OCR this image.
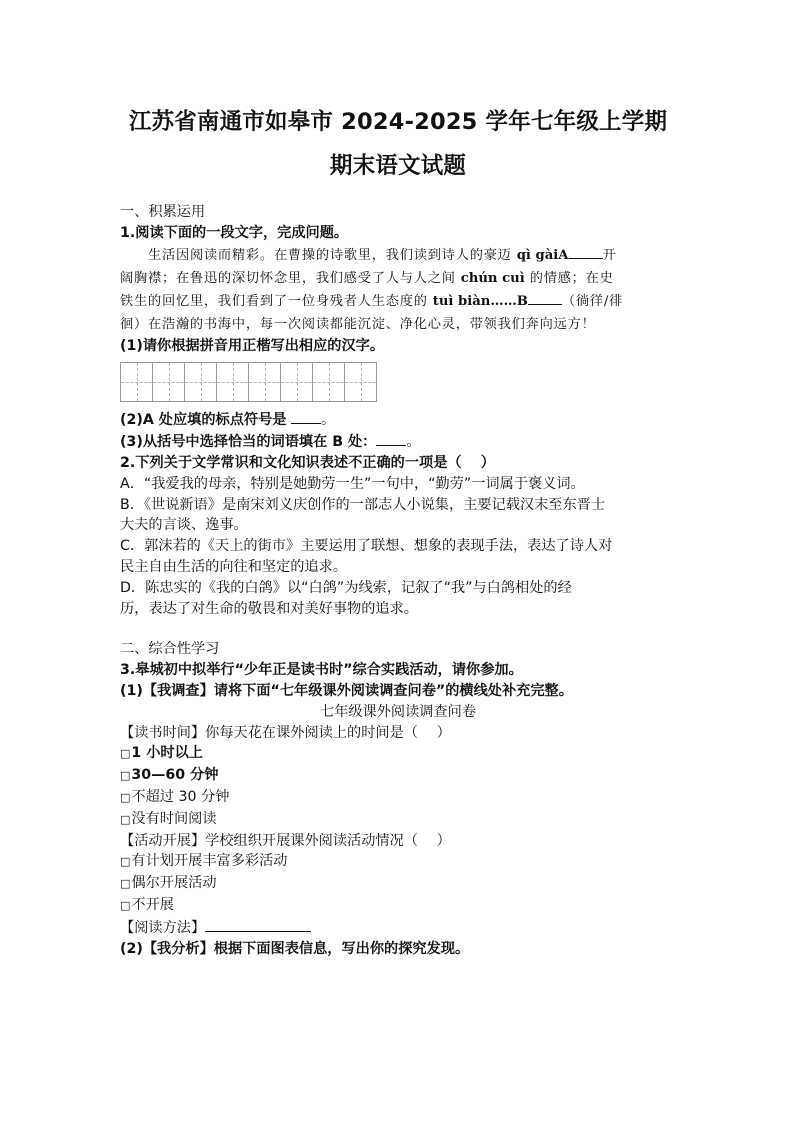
江苏省南通市如皋市 2024-2025 学年七年级上学期
期末语文试题
一、积累运用
1.阅读下面的一段文字，完成问题。
生活因阅读而精彩。在曹操的诗歌里，我们读到诗人的豪迈 qì gàiA	开
阔胸襟；在鲁迅的深切怀念里，我们感受了人与人之间 chún cuì 的情感；在史
铁生的回忆里，我们看到了一位身残者人生态度的 tuì biàn……B	（徜徉/徘
徊）在浩瀚的书海中，每一次阅读都能沉淀、净化心灵，带领我们奔向远方！
(1)请你根据拼音用正楷写出相应的汉字。
(2)A 处应填的标点符号是 。
(3)从括号中选择恰当的词语填在 B 处： 。
2.下列关于文学常识和文化知识表述不正确的一项是（　 ）
A．“我爱我的母亲，特别是她勤劳一生”一句中，“勤劳”一词属于褒义词。
B．《世说新语》是南宋刘义庆创作的一部志人小说集，主要记载汉末至东晋士
大夫的言谈、逸事。
C．郭沫若的《天上的街市》主要运用了联想、想象的表现手法，表达了诗人对
民主自由生活的向往和坚定的追求。
D．陈忠实的《我的白鸽》以“白鸽”为线索，记叙了“我”与白鸽相处的经
历，表达了对生命的敬畏和对美好事物的追求。
二、综合性学习
3.皋城初中拟举行“少年正是读书时”综合实践活动，请你参加。
(1)【我调查】请将下面“七年级课外阅读调查问卷”的横线处补充完整。
七年级课外阅读调查问卷
【读书时间】你每天花在课外阅读上的时间是（　 ）
□1 小时以上
□30—60 分钟
□不超过 30 分钟
□没有时间阅读
【活动开展】学校组织开展课外阅读活动情况（　 ）
□有计划开展丰富多彩活动
□偶尔开展活动
□不开展
【阅读方法】
(2)【我分析】根据下面图表信息，写出你的探究发现。
